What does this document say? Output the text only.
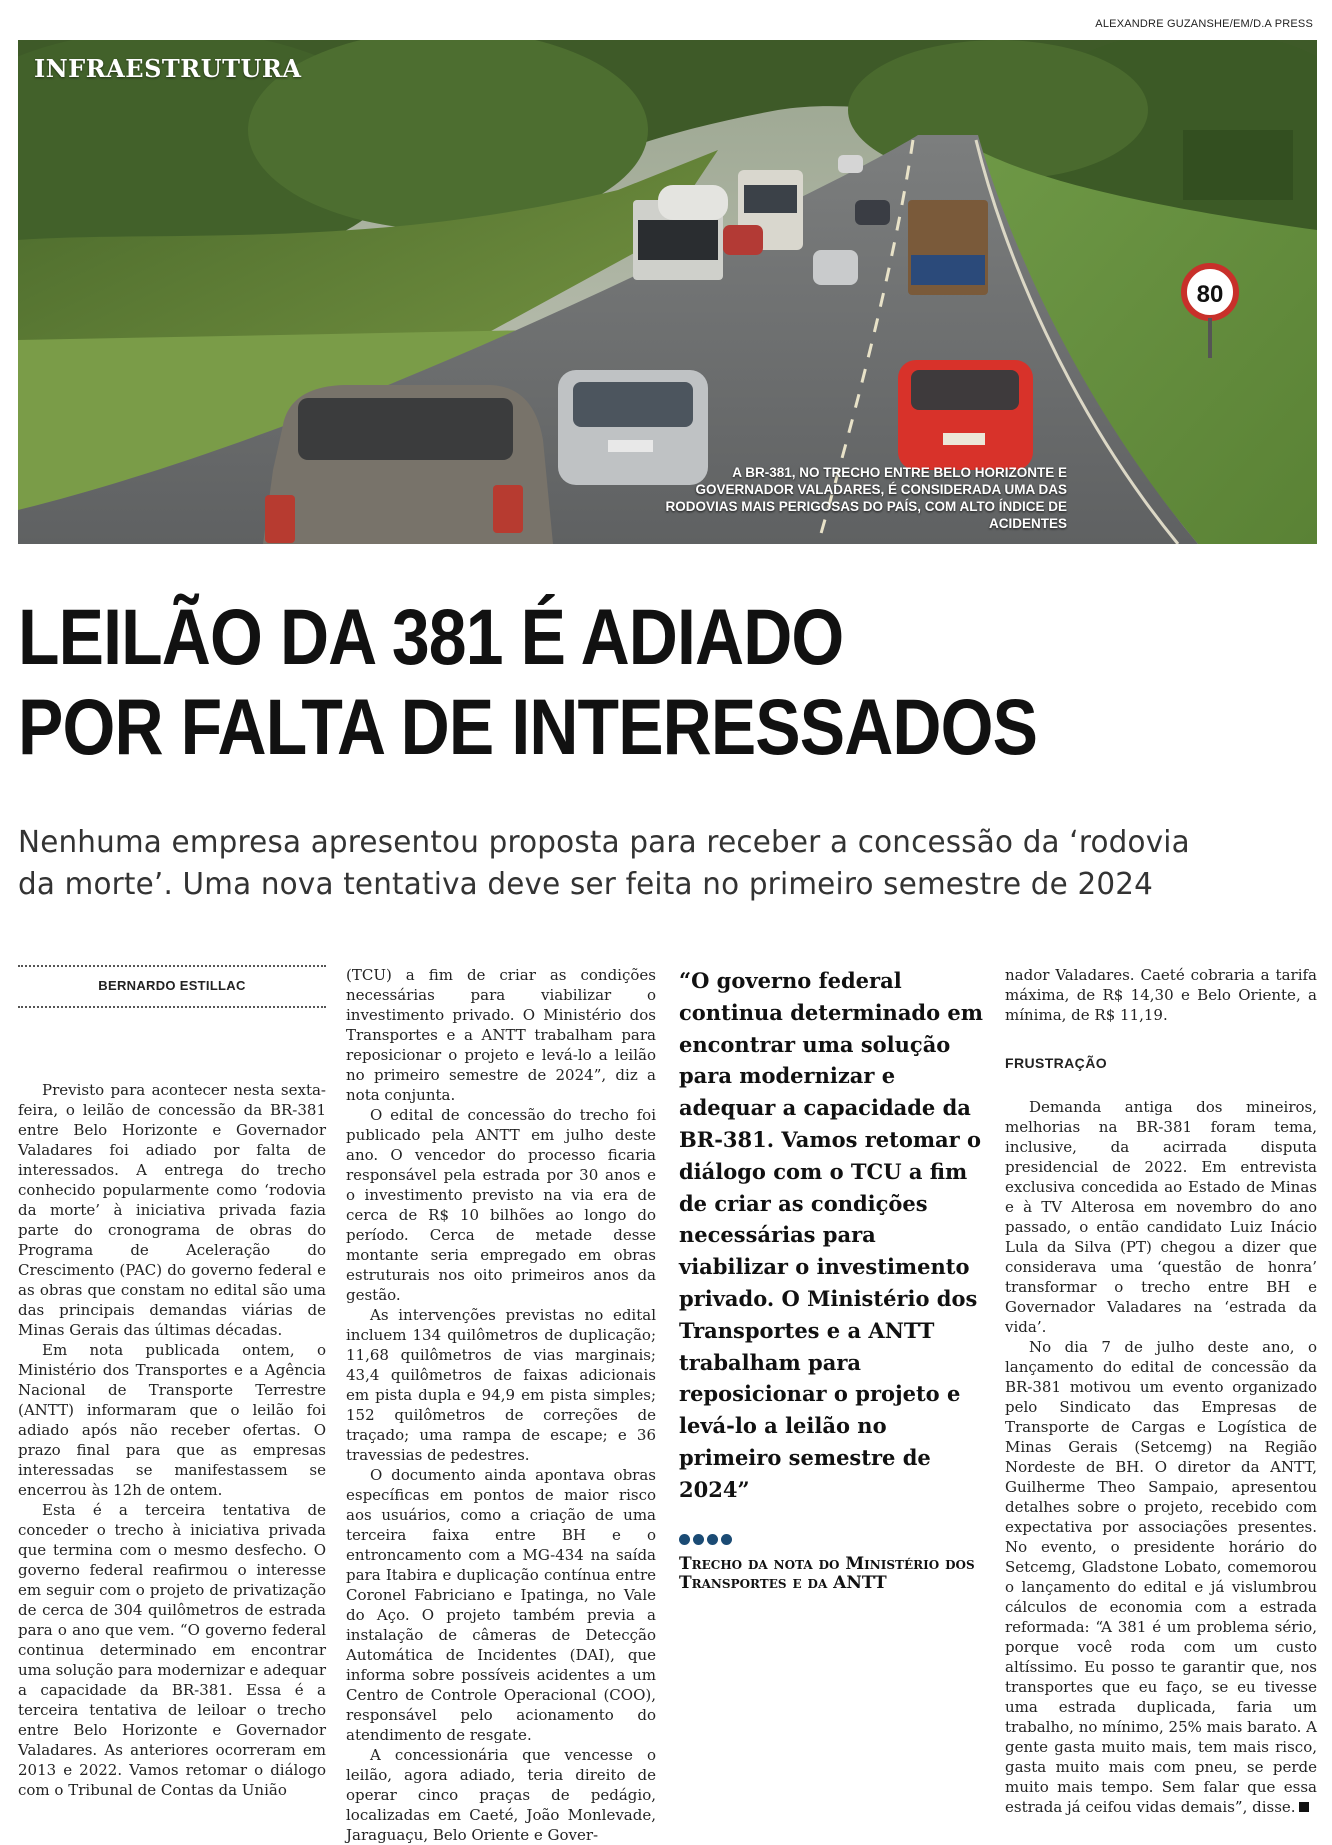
ALEXANDRE GUZANSHE/EM/D.A PRESS
80
INFRAESTRUTURA
A BR-381, NO TRECHO ENTRE BELO HORIZONTE E GOVERNADOR VALADARES, É CONSIDERADA UMA DAS RODOVIAS MAIS PERIGOSAS DO PAÍS, COM ALTO ÍNDICE DE ACIDENTES
LEILÃO DA 381 É ADIADO
POR FALTA DE INTERESSADOS

Nenhuma empresa apresentou proposta para receber a concessão da ‘rodovia
da morte’. Uma nova tentativa deve ser feita no primeiro semestre de 2024

BERNARDO ESTILLAC

Previsto para acontecer nesta sexta-feira, o leilão de concessão da BR-381 entre Belo Horizonte e Governador Valadares foi adiado por falta de interessados. A entrega do trecho conhecido popularmente como ‘rodovia da morte’ à iniciativa privada fazia parte do cronograma de obras do Programa de Aceleração do Crescimento (PAC) do governo federal e as obras que constam no edital são uma das principais demandas viárias de Minas Gerais das últimas décadas.

Em nota publicada ontem, o Ministério dos Transportes e a Agência Nacional de Transporte Terrestre (ANTT) informaram que o leilão foi adiado após não receber ofertas. O prazo final para que as empresas interessadas se manifestassem se encerrou às 12h de ontem.

Esta é a terceira tentativa de conceder o trecho à iniciativa privada que termina com o mesmo desfecho. O governo federal reafirmou o interesse em seguir com o projeto de privatização de cerca de 304 quilômetros de estrada para o ano que vem. “O governo federal continua determinado em encontrar uma solução para modernizar e adequar a capacidade da BR-381. Essa é a terceira tentativa de leiloar o trecho entre Belo Horizonte e Governador Valadares. As anteriores ocorreram em 2013 e 2022. Vamos retomar o diálogo com o Tribunal de Contas da União

(TCU) a fim de criar as condições necessárias para viabilizar o investimento privado. O Ministério dos Transportes e a ANTT trabalham para reposicionar o projeto e levá-lo a leilão no primeiro semestre de 2024”, diz a nota conjunta.

O edital de concessão do trecho foi publicado pela ANTT em julho deste ano. O vencedor do processo ficaria responsável pela estrada por 30 anos e o investimento previsto na via era de cerca de R$ 10 bilhões ao longo do período. Cerca de metade desse montante seria empregado em obras estruturais nos oito primeiros anos da gestão.

As intervenções previstas no edital incluem 134 quilômetros de duplicação; 11,68 quilômetros de vias marginais; 43,4 quilômetros de faixas adicionais em pista dupla e 94,9 em pista simples; 152 quilômetros de correções de traçado; uma rampa de escape; e 36 travessias de pedestres.

O documento ainda apontava obras específicas em pontos de maior risco aos usuários, como a criação de uma terceira faixa entre BH e o entroncamento com a MG-434 na saída para Itabira e duplicação contínua entre Coronel Fabriciano e Ipatinga, no Vale do Aço. O projeto também previa a instalação de câmeras de Detecção Automática de Incidentes (DAI), que informa sobre possíveis acidentes a um Centro de Controle Operacional (COO), responsável pelo acionamento do atendimento de resgate.

A concessionária que vencesse o leilão, agora adiado, teria direito de operar cinco praças de pedágio, localizadas em Caeté, João Monlevade, Jaraguaçu, Belo Oriente e Gover-

“O governo federal continua determinado em encontrar uma solução para modernizar e adequar a capacidade da BR-381. Vamos retomar o diálogo com o TCU a fim de criar as condições necessárias para viabilizar o investimento privado. O Ministério dos Transportes e a ANTT trabalham para reposicionar o projeto e levá-lo a leilão no primeiro semestre de 2024”

Trecho da nota do Ministério dos Transportes e da ANTT

nador Valadares. Caeté cobraria a tarifa máxima, de R$ 14,30 e Belo Oriente, a mínima, de R$ 11,19.

FRUSTRAÇÃO

Demanda antiga dos mineiros, melhorias na BR-381 foram tema, inclusive, da acirrada disputa presidencial de 2022. Em entrevista exclusiva concedida ao Estado de Minas e à TV Alterosa em novembro do ano passado, o então candidato Luiz Inácio Lula da Silva (PT) chegou a dizer que considerava uma ‘questão de honra’ transformar o trecho entre BH e Governador Valadares na ‘estrada da vida’.

No dia 7 de julho deste ano, o lançamento do edital de concessão da BR-381 motivou um evento organizado pelo Sindicato das Empresas de Transporte de Cargas e Logística de Minas Gerais (Setcemg) na Região Nordeste de BH. O diretor da ANTT, Guilherme Theo Sampaio, apresentou detalhes sobre o projeto, recebido com expectativa por associações presentes. No evento, o presidente horário do Setcemg, Gladstone Lobato, comemorou o lançamento do edital e já vislumbrou cálculos de economia com a estrada reformada: “A 381 é um problema sério, porque você roda com um custo altíssimo. Eu posso te garantir que, nos transportes que eu faço, se eu tivesse uma estrada duplicada, faria um trabalho, no mínimo, 25% mais barato. A gente gasta muito mais, tem mais risco, gasta muito mais com pneu, se perde muito mais tempo. Sem falar que essa estrada já ceifou vidas demais”, disse.
